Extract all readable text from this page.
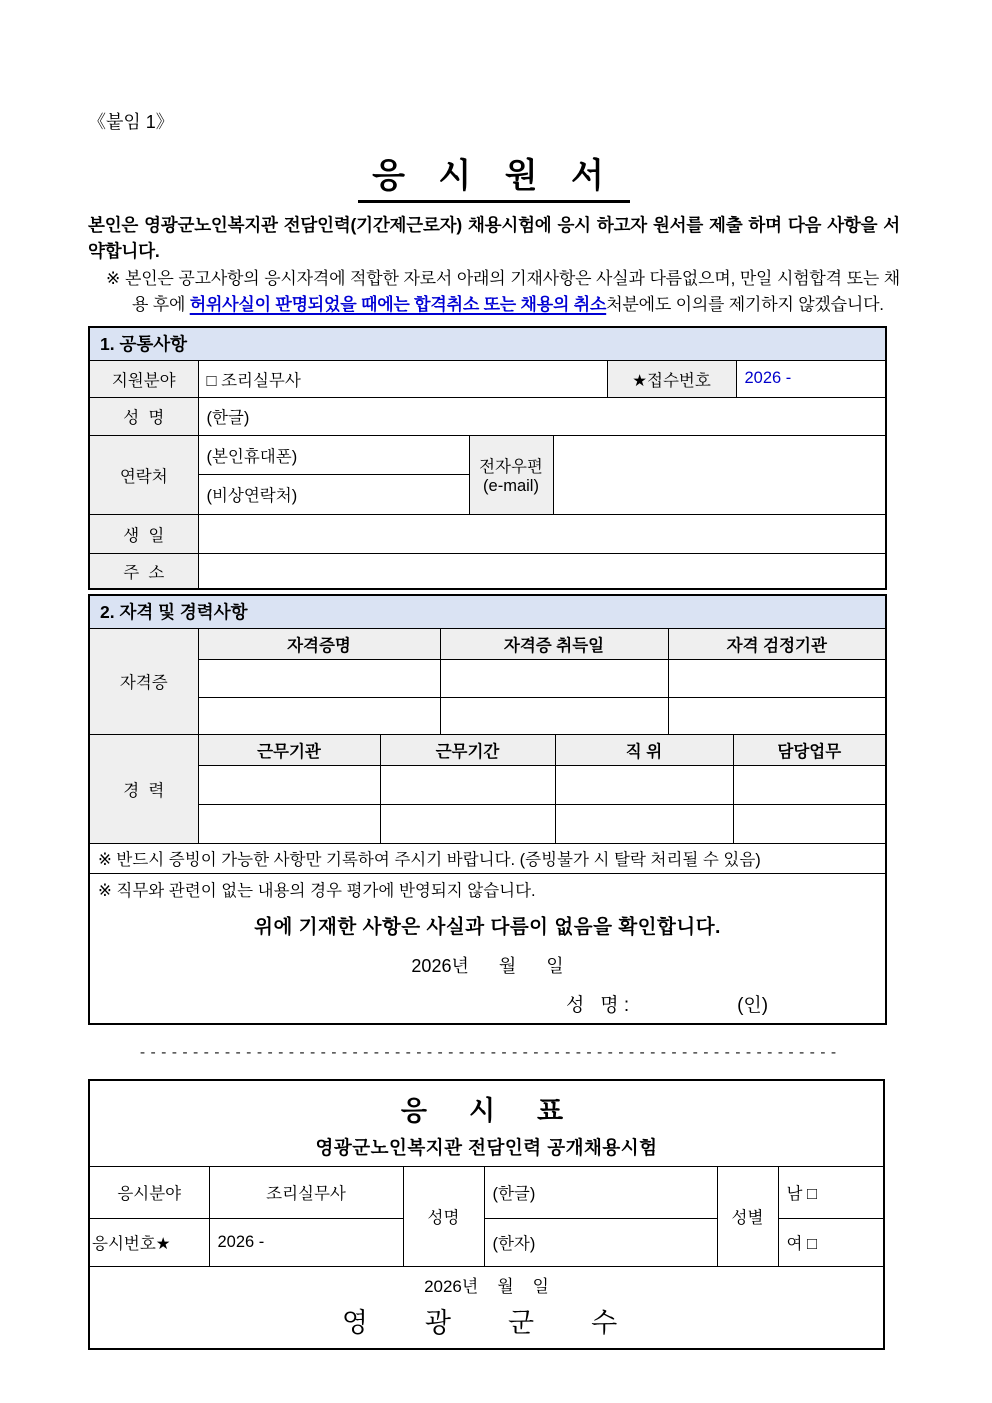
《붙임 1》
응 시 원 서
본인은 영광군노인복지관 전담인력(기간제근로자) 채용시험에 응시 하고자 원서를 제출 하며 다음 사항을 서약합니다.
※ 본인은 공고사항의 응시자격에 적합한 자로서 아래의 기재사항은 사실과 다름없으며, 만일 시험합격 또는 채용 후에 허위사실이 판명되었을 때에는 합격취소 또는 채용의 취소처분에도 이의를 제기하지 않겠습니다.
1. 공통사항					
지원분야	□ 조리실무사			★접수번호	2026 -
성  명	(한글)				
연락처	(본인휴대폰)	전자우편
(e-mail)			

	(비상연락처)				
생  일					
주  소					
2. 자격 및 경력사항						
자격증	자격증명		자격증 취득일		자격 검정기관	

경  력	근무기관	근무기간		직 위		담당업무

※ 반드시 증빙이 가능한 사항만 기록하여 주시기 바랍니다. (증빙불가 시 탈락 처리될 수 있음)						

※ 직무와 관련이 없는 내용의 경우 평가에 반영되지 않습니다.
위에 기재한 사항은 사실과 다름이 없음을 확인합니다.
2026년      월      일
성   명 : (인)						
------------------------------------------------------------------
응  시  표
영광군노인복지관 전담인력 공개채용시험					

응시분야	조리실무사	성명	(한글)	성별	남 □
응시번호★	2026 -		(한자)		여 □

2026년    월    일
영  광  군  수					
